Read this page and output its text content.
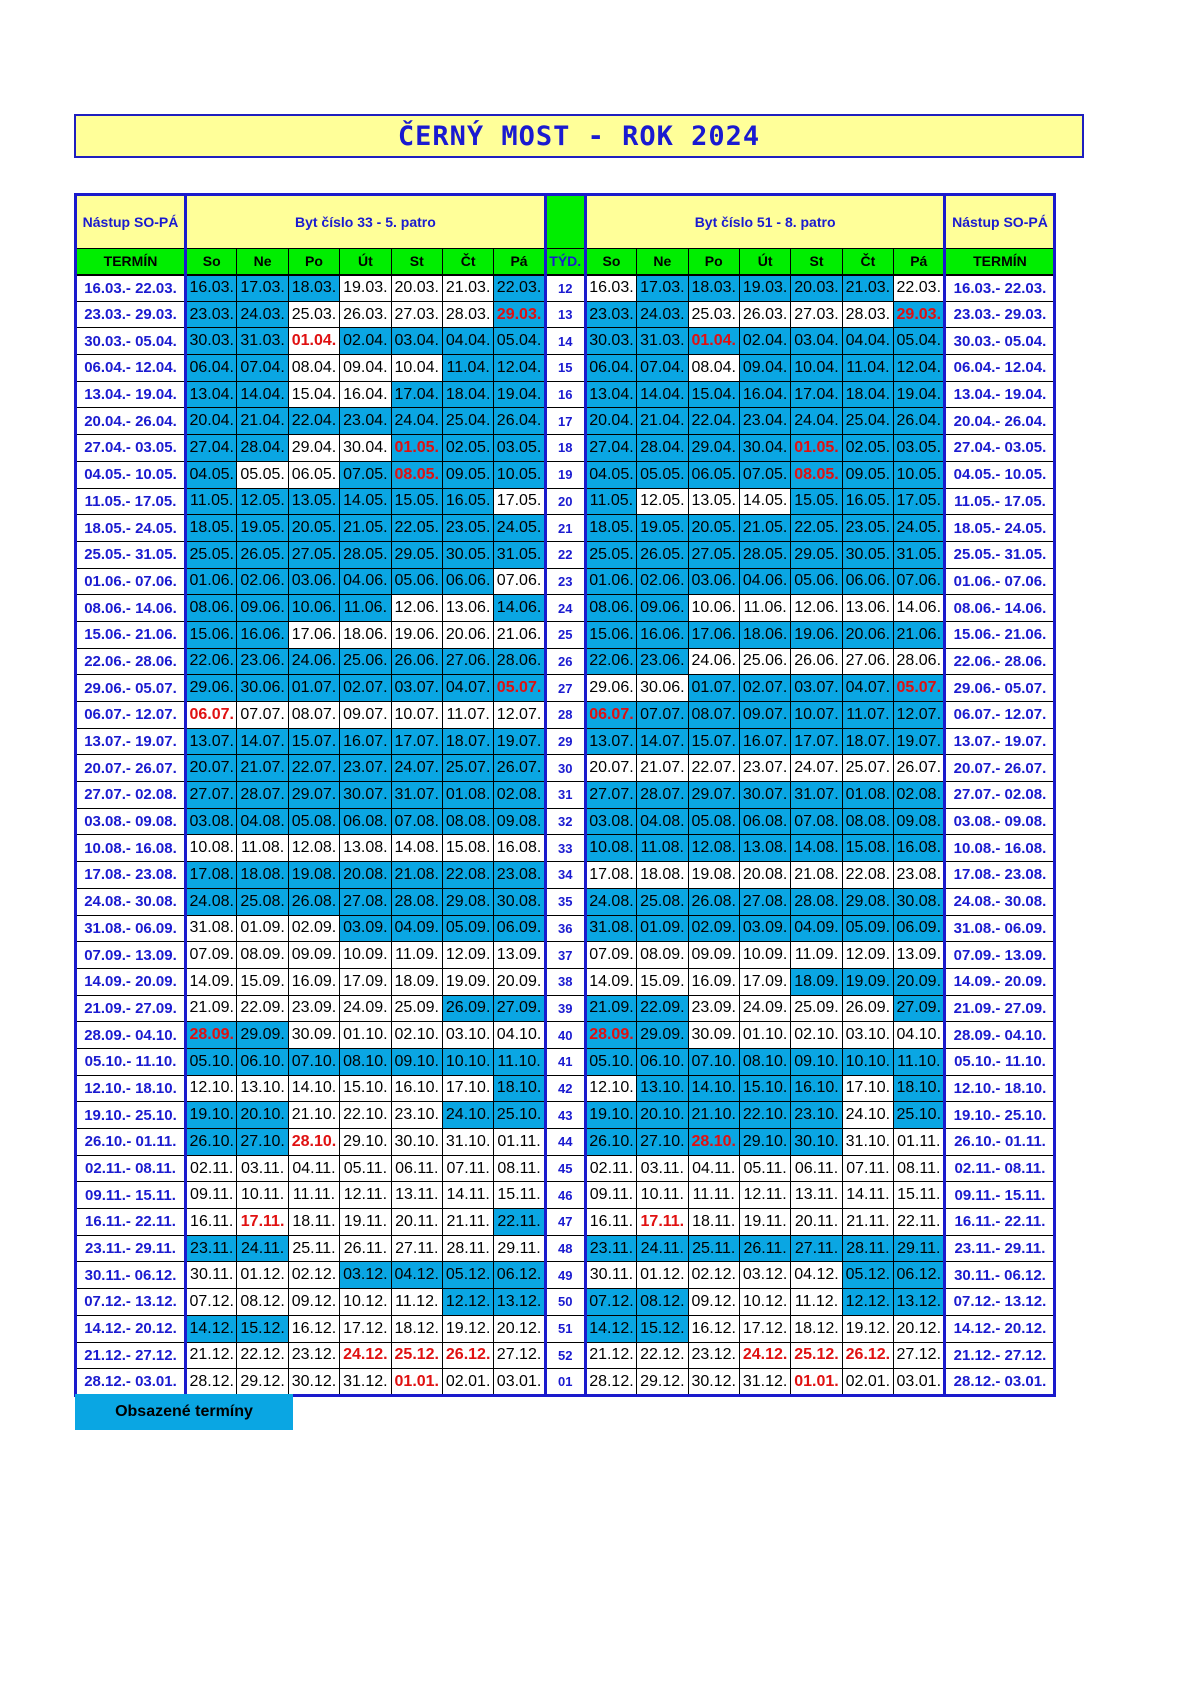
ČERNÝ MOST - ROK 2024
Nástup SO-PÁ	Byt číslo 33 - 5. patro								Byt číslo 51 - 8. patro							Nástup SO-PÁ
TERMÍN	So	Ne	Po	Út	St	Čt	Pá	TÝD.	So	Ne	Po	Út	St	Čt	Pá	TERMÍN
16.03.- 22.03.	16.03.	17.03.	18.03.	19.03.	20.03.	21.03.	22.03.	12	16.03.	17.03.	18.03.	19.03.	20.03.	21.03.	22.03.	16.03.- 22.03.
23.03.- 29.03.	23.03.	24.03.	25.03.	26.03.	27.03.	28.03.	29.03.	13	23.03.	24.03.	25.03.	26.03.	27.03.	28.03.	29.03.	23.03.- 29.03.
30.03.- 05.04.	30.03.	31.03.	01.04.	02.04.	03.04.	04.04.	05.04.	14	30.03.	31.03.	01.04.	02.04.	03.04.	04.04.	05.04.	30.03.- 05.04.
06.04.- 12.04.	06.04.	07.04.	08.04.	09.04.	10.04.	11.04.	12.04.	15	06.04.	07.04.	08.04.	09.04.	10.04.	11.04.	12.04.	06.04.- 12.04.
13.04.- 19.04.	13.04.	14.04.	15.04.	16.04.	17.04.	18.04.	19.04.	16	13.04.	14.04.	15.04.	16.04.	17.04.	18.04.	19.04.	13.04.- 19.04.
20.04.- 26.04.	20.04.	21.04.	22.04.	23.04.	24.04.	25.04.	26.04.	17	20.04.	21.04.	22.04.	23.04.	24.04.	25.04.	26.04.	20.04.- 26.04.
27.04.- 03.05.	27.04.	28.04.	29.04.	30.04.	01.05.	02.05.	03.05.	18	27.04.	28.04.	29.04.	30.04.	01.05.	02.05.	03.05.	27.04.- 03.05.
04.05.- 10.05.	04.05.	05.05.	06.05.	07.05.	08.05.	09.05.	10.05.	19	04.05.	05.05.	06.05.	07.05.	08.05.	09.05.	10.05.	04.05.- 10.05.
11.05.- 17.05.	11.05.	12.05.	13.05.	14.05.	15.05.	16.05.	17.05.	20	11.05.	12.05.	13.05.	14.05.	15.05.	16.05.	17.05.	11.05.- 17.05.
18.05.- 24.05.	18.05.	19.05.	20.05.	21.05.	22.05.	23.05.	24.05.	21	18.05.	19.05.	20.05.	21.05.	22.05.	23.05.	24.05.	18.05.- 24.05.
25.05.- 31.05.	25.05.	26.05.	27.05.	28.05.	29.05.	30.05.	31.05.	22	25.05.	26.05.	27.05.	28.05.	29.05.	30.05.	31.05.	25.05.- 31.05.
01.06.- 07.06.	01.06.	02.06.	03.06.	04.06.	05.06.	06.06.	07.06.	23	01.06.	02.06.	03.06.	04.06.	05.06.	06.06.	07.06.	01.06.- 07.06.
08.06.- 14.06.	08.06.	09.06.	10.06.	11.06.	12.06.	13.06.	14.06.	24	08.06.	09.06.	10.06.	11.06.	12.06.	13.06.	14.06.	08.06.- 14.06.
15.06.- 21.06.	15.06.	16.06.	17.06.	18.06.	19.06.	20.06.	21.06.	25	15.06.	16.06.	17.06.	18.06.	19.06.	20.06.	21.06.	15.06.- 21.06.
22.06.- 28.06.	22.06.	23.06.	24.06.	25.06.	26.06.	27.06.	28.06.	26	22.06.	23.06.	24.06.	25.06.	26.06.	27.06.	28.06.	22.06.- 28.06.
29.06.- 05.07.	29.06.	30.06.	01.07.	02.07.	03.07.	04.07.	05.07.	27	29.06.	30.06.	01.07.	02.07.	03.07.	04.07.	05.07.	29.06.- 05.07.
06.07.- 12.07.	06.07.	07.07.	08.07.	09.07.	10.07.	11.07.	12.07.	28	06.07.	07.07.	08.07.	09.07.	10.07.	11.07.	12.07.	06.07.- 12.07.
13.07.- 19.07.	13.07.	14.07.	15.07.	16.07.	17.07.	18.07.	19.07.	29	13.07.	14.07.	15.07.	16.07.	17.07.	18.07.	19.07.	13.07.- 19.07.
20.07.- 26.07.	20.07.	21.07.	22.07.	23.07.	24.07.	25.07.	26.07.	30	20.07.	21.07.	22.07.	23.07.	24.07.	25.07.	26.07.	20.07.- 26.07.
27.07.- 02.08.	27.07.	28.07.	29.07.	30.07.	31.07.	01.08.	02.08.	31	27.07.	28.07.	29.07.	30.07.	31.07.	01.08.	02.08.	27.07.- 02.08.
03.08.- 09.08.	03.08.	04.08.	05.08.	06.08.	07.08.	08.08.	09.08.	32	03.08.	04.08.	05.08.	06.08.	07.08.	08.08.	09.08.	03.08.- 09.08.
10.08.- 16.08.	10.08.	11.08.	12.08.	13.08.	14.08.	15.08.	16.08.	33	10.08.	11.08.	12.08.	13.08.	14.08.	15.08.	16.08.	10.08.- 16.08.
17.08.- 23.08.	17.08.	18.08.	19.08.	20.08.	21.08.	22.08.	23.08.	34	17.08.	18.08.	19.08.	20.08.	21.08.	22.08.	23.08.	17.08.- 23.08.
24.08.- 30.08.	24.08.	25.08.	26.08.	27.08.	28.08.	29.08.	30.08.	35	24.08.	25.08.	26.08.	27.08.	28.08.	29.08.	30.08.	24.08.- 30.08.
31.08.- 06.09.	31.08.	01.09.	02.09.	03.09.	04.09.	05.09.	06.09.	36	31.08.	01.09.	02.09.	03.09.	04.09.	05.09.	06.09.	31.08.- 06.09.
07.09.- 13.09.	07.09.	08.09.	09.09.	10.09.	11.09.	12.09.	13.09.	37	07.09.	08.09.	09.09.	10.09.	11.09.	12.09.	13.09.	07.09.- 13.09.
14.09.- 20.09.	14.09.	15.09.	16.09.	17.09.	18.09.	19.09.	20.09.	38	14.09.	15.09.	16.09.	17.09.	18.09.	19.09.	20.09.	14.09.- 20.09.
21.09.- 27.09.	21.09.	22.09.	23.09.	24.09.	25.09.	26.09.	27.09.	39	21.09.	22.09.	23.09.	24.09.	25.09.	26.09.	27.09.	21.09.- 27.09.
28.09.- 04.10.	28.09.	29.09.	30.09.	01.10.	02.10.	03.10.	04.10.	40	28.09.	29.09.	30.09.	01.10.	02.10.	03.10.	04.10.	28.09.- 04.10.
05.10.- 11.10.	05.10.	06.10.	07.10.	08.10.	09.10.	10.10.	11.10.	41	05.10.	06.10.	07.10.	08.10.	09.10.	10.10.	11.10.	05.10.- 11.10.
12.10.- 18.10.	12.10.	13.10.	14.10.	15.10.	16.10.	17.10.	18.10.	42	12.10.	13.10.	14.10.	15.10.	16.10.	17.10.	18.10.	12.10.- 18.10.
19.10.- 25.10.	19.10.	20.10.	21.10.	22.10.	23.10.	24.10.	25.10.	43	19.10.	20.10.	21.10.	22.10.	23.10.	24.10.	25.10.	19.10.- 25.10.
26.10.- 01.11.	26.10.	27.10.	28.10.	29.10.	30.10.	31.10.	01.11.	44	26.10.	27.10.	28.10.	29.10.	30.10.	31.10.	01.11.	26.10.- 01.11.
02.11.- 08.11.	02.11.	03.11.	04.11.	05.11.	06.11.	07.11.	08.11.	45	02.11.	03.11.	04.11.	05.11.	06.11.	07.11.	08.11.	02.11.- 08.11.
09.11.- 15.11.	09.11.	10.11.	11.11.	12.11.	13.11.	14.11.	15.11.	46	09.11.	10.11.	11.11.	12.11.	13.11.	14.11.	15.11.	09.11.- 15.11.
16.11.- 22.11.	16.11.	17.11.	18.11.	19.11.	20.11.	21.11.	22.11.	47	16.11.	17.11.	18.11.	19.11.	20.11.	21.11.	22.11.	16.11.- 22.11.
23.11.- 29.11.	23.11.	24.11.	25.11.	26.11.	27.11.	28.11.	29.11.	48	23.11.	24.11.	25.11.	26.11.	27.11.	28.11.	29.11.	23.11.- 29.11.
30.11.- 06.12.	30.11.	01.12.	02.12.	03.12.	04.12.	05.12.	06.12.	49	30.11.	01.12.	02.12.	03.12.	04.12.	05.12.	06.12.	30.11.- 06.12.
07.12.- 13.12.	07.12.	08.12.	09.12.	10.12.	11.12.	12.12.	13.12.	50	07.12.	08.12.	09.12.	10.12.	11.12.	12.12.	13.12.	07.12.- 13.12.
14.12.- 20.12.	14.12.	15.12.	16.12.	17.12.	18.12.	19.12.	20.12.	51	14.12.	15.12.	16.12.	17.12.	18.12.	19.12.	20.12.	14.12.- 20.12.
21.12.- 27.12.	21.12.	22.12.	23.12.	24.12.	25.12.	26.12.	27.12.	52	21.12.	22.12.	23.12.	24.12.	25.12.	26.12.	27.12.	21.12.- 27.12.
28.12.- 03.01.	28.12.	29.12.	30.12.	31.12.	01.01.	02.01.	03.01.	01	28.12.	29.12.	30.12.	31.12.	01.01.	02.01.	03.01.	28.12.- 03.01.
Obsazené termíny
